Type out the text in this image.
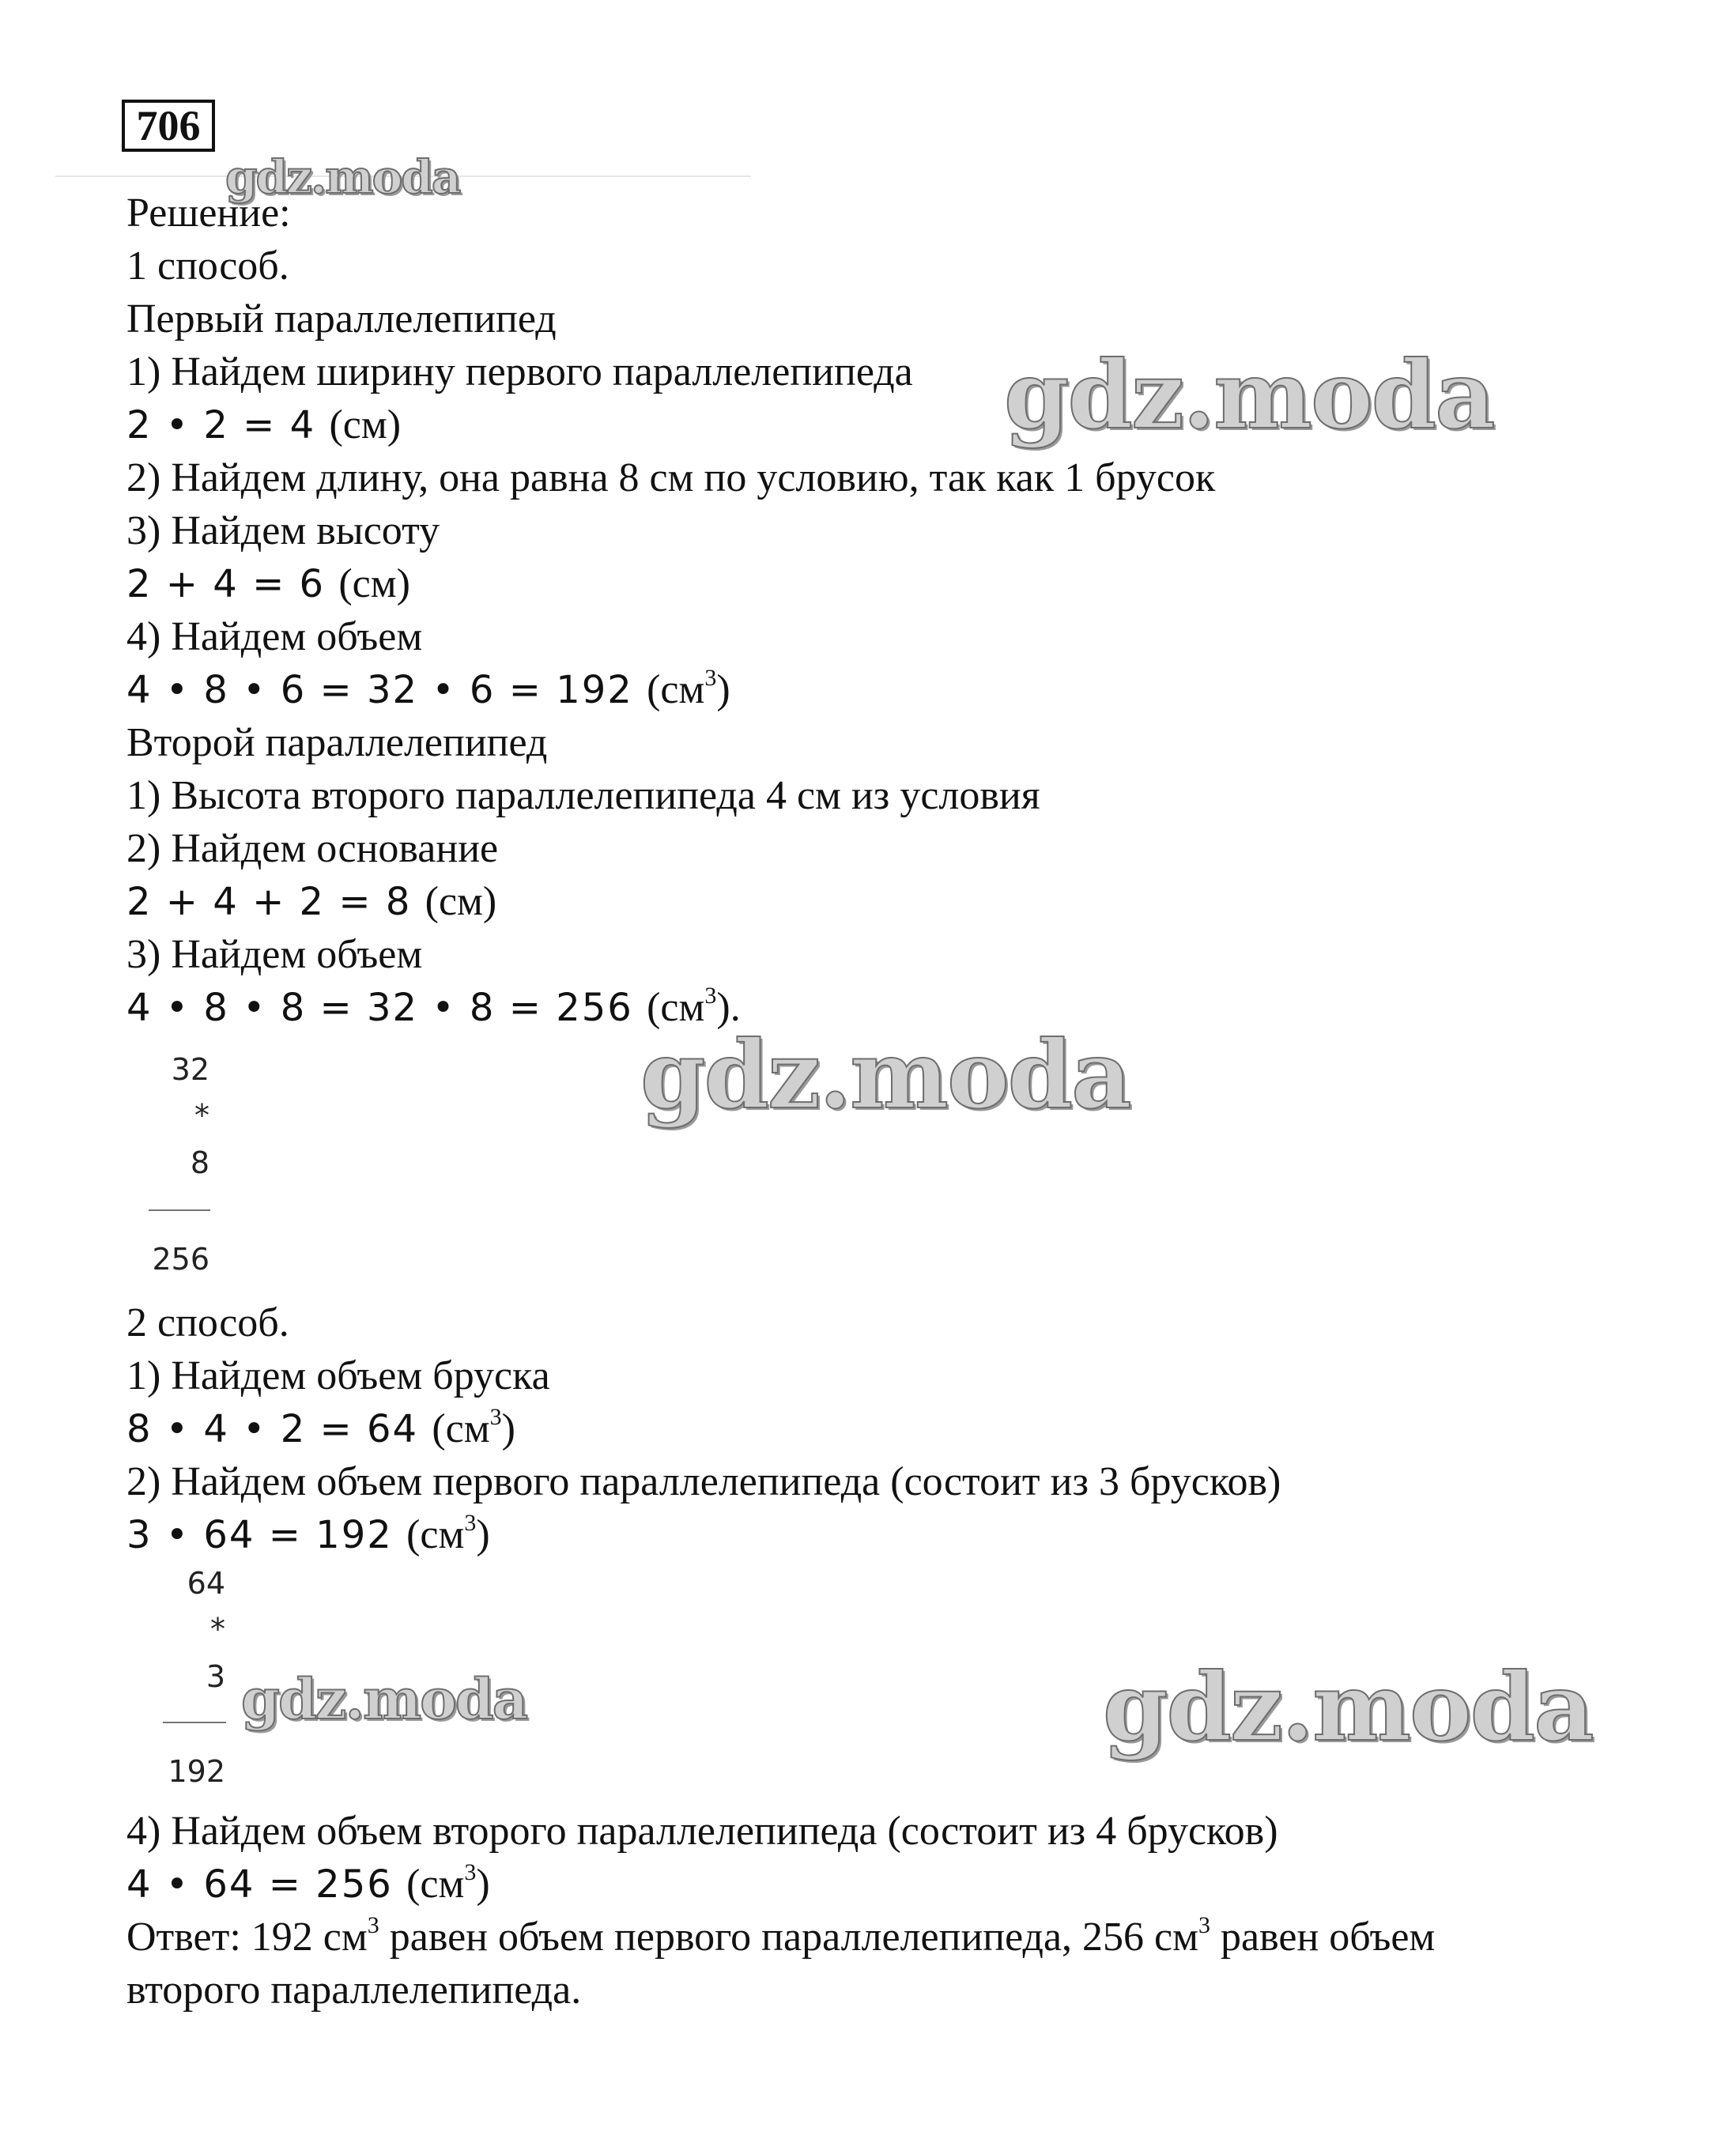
706
gdz.moda
gdz.moda
gdz.moda
gdz.moda	gdz.moda
Решение:
1 способ.
Первый параллелепипед
1) Найдем ширину первого параллелепипеда
2 • 2 = 4 (см)
2) Найдем длину, она равна 8 см по условию, так как 1 брусок
3) Найдем высоту
2 + 4 = 6 (см)
4) Найдем объем
4 • 8 • 6 = 32 • 6 = 192 $(см^3)$
Второй параллелепипед
1) Высота второго параллелепипеда 4 см из условия
2) Найдем основание
2 + 4 + 2 = 8 (см)
3) Найдем объем
4 • 8 • 8 = 32 • 8 = 256 $(см^3)$.
32
*
8
256
2 способ.
1) Найдем объем бруска
8 • 4 • 2 = 64 $(см^3)$
2) Найдем объем первого параллелепипеда (состоит из 3 брусков)
3 • 64 = 192 $(см^3)$
64
*
3
192
4) Найдем объем второго параллелепипеда (состоит из 4 брусков)
4 • 64 = 256 $(см^3)$
Ответ: 192 $см^3$ равен объем первого параллелепипеда, 256 $см^3$ равен объем
второго параллелепипеда.
